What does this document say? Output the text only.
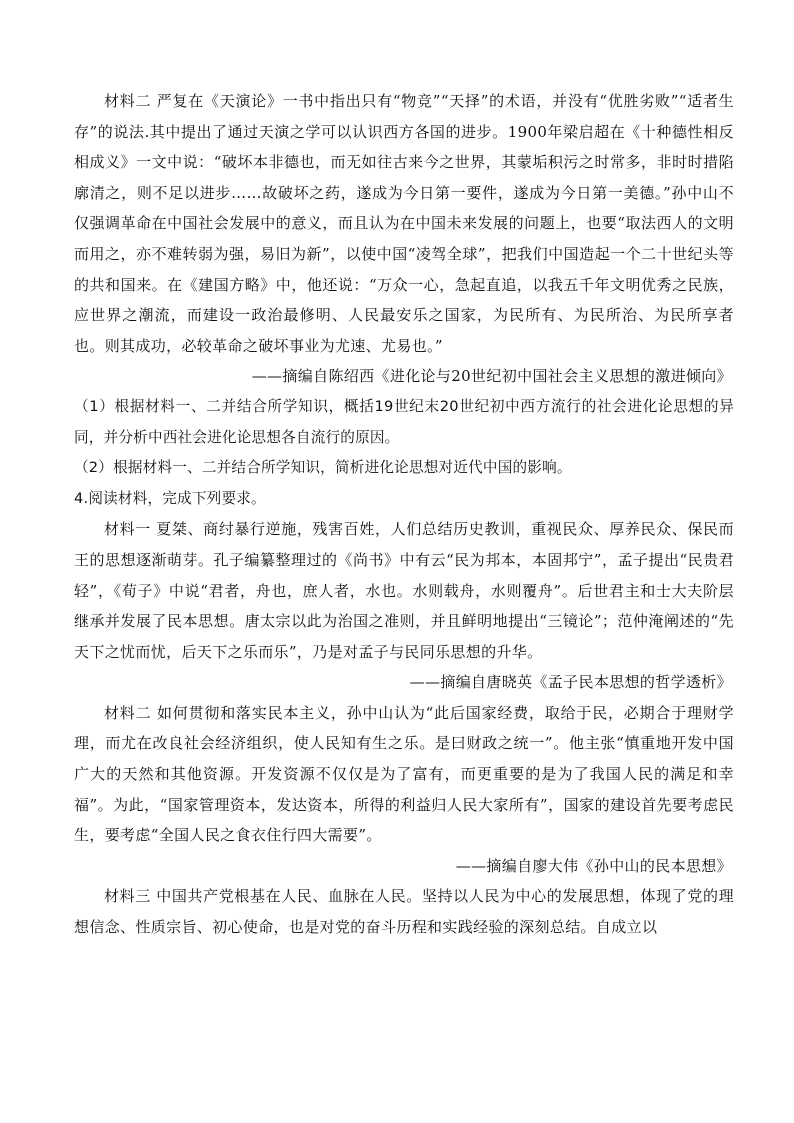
材料二 严复在《天演论》一书中指出只有“物竞”“天择”的术语，并没有“优胜劣败”“适者生存”的说法.其中提出了通过天演之学可以认识西方各国的进步。1900年梁启超在《十种德性相反相成义》一文中说：“破坏本非德也，而无如往古来今之世界，其蒙垢积污之时常多，非时时措陷廓清之，则不足以进步……故破坏之药，遂成为今日第一要件，遂成为今日第一美德。”孙中山不仅强调革命在中国社会发展中的意义，而且认为在中国未来发展的问题上，也要“取法西人的文明而用之，亦不难转弱为强，易旧为新”，以使中国“凌驾全球”，把我们中国造起一个二十世纪头等的共和国来。在《建国方略》中，他还说：“万众一心，急起直追，以我五千年文明优秀之民族，应世界之潮流，而建设一政治最修明、人民最安乐之国家，为民所有、为民所治、为民所享者也。则其成功，必较革命之破坏事业为尤速、尤易也。”

——摘编自陈绍西《进化论与20世纪初中国社会主义思想的激进倾向》

（1）根据材料一、二并结合所学知识，概括19世纪末20世纪初中西方流行的社会进化论思想的异同，并分析中西社会进化论思想各自流行的原因。

（2）根据材料一、二并结合所学知识，简析进化论思想对近代中国的影响。

4.阅读材料，完成下列要求。

材料一 夏桀、商纣暴行逆施，残害百姓，人们总结历史教训，重视民众、厚养民众、保民而王的思想逐渐萌芽。孔子编纂整理过的《尚书》中有云“民为邦本，本固邦宁”，孟子提出“民贵君轻”，《荀子》中说“君者，舟也，庶人者，水也。水则载舟，水则覆舟”。后世君主和士大夫阶层继承并发展了民本思想。唐太宗以此为治国之准则，并且鲜明地提出“三镜论”；范仲淹阐述的“先天下之忧而忧，后天下之乐而乐”，乃是对孟子与民同乐思想的升华。

——摘编自唐晓英《孟子民本思想的哲学透析》

材料二 如何贯彻和落实民本主义，孙中山认为“此后国家经费，取给于民，必期合于理财学理，而尤在改良社会经济组织，使人民知有生之乐。是曰财政之统一”。他主张“慎重地开发中国广大的天然和其他资源。开发资源不仅仅是为了富有，而更重要的是为了我国人民的满足和幸福”。为此，“国家管理资本，发达资本，所得的利益归人民大家所有”，国家的建设首先要考虑民生，要考虑“全国人民之食衣住行四大需要”。

——摘编自廖大伟《孙中山的民本思想》

材料三 中国共产党根基在人民、血脉在人民。坚持以人民为中心的发展思想，体现了党的理想信念、性质宗旨、初心使命，也是对党的奋斗历程和实践经验的深刻总结。自成立以
